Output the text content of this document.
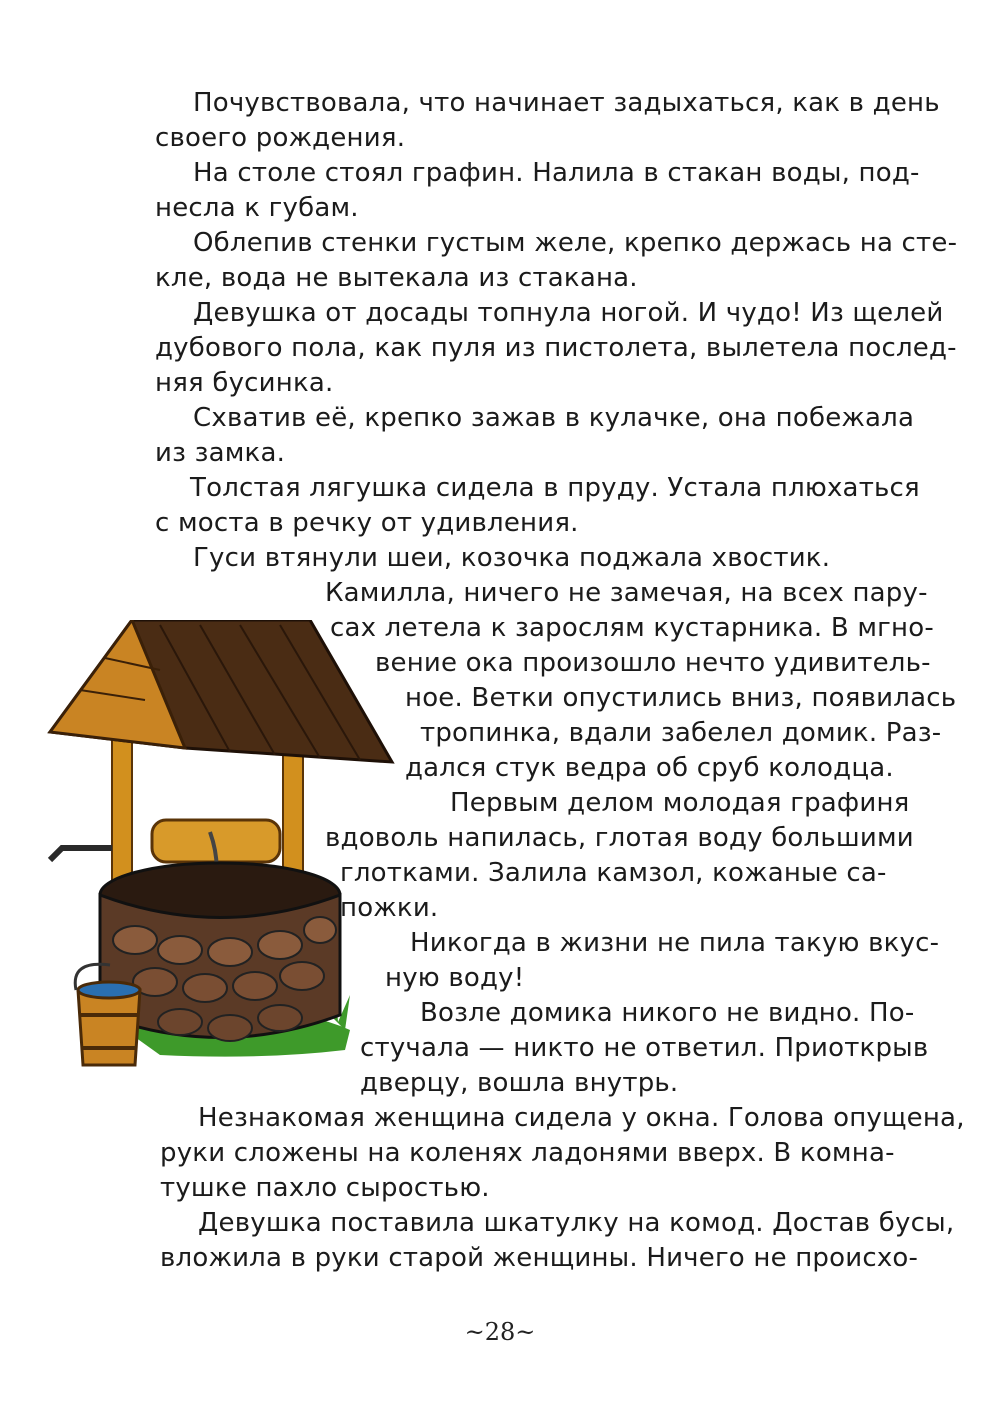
Почувствовала, что начинает задыхаться, как в день
своего рождения.
На столе стоял графин. Налила в стакан воды, под-
несла к губам.
Облепив стенки густым желе, крепко держась на сте-
кле, вода не вытекала из стакана.
Девушка от досады топнула ногой. И чудо! Из щелей
дубового пола, как пуля из пистолета, вылетела послед-
няя бусинка.
Схватив её, крепко зажав в кулачке, она побежала
из замка.
Толстая лягушка сидела в пруду. Устала плюхаться
с моста в речку от удивления.
Гуси втянули шеи, козочка поджала хвостик.
Камилла, ничего не замечая, на всех пару-
сах летела к зарослям кустарника. В мгно-
вение ока произошло нечто удивитель-
ное. Ветки опустились вниз, появилась
тропинка, вдали забелел домик. Раз-
дался стук ведра об сруб колодца.
Первым делом молодая графиня
вдоволь напилась, глотая воду большими
глотками. Залила камзол, кожаные са-
пожки.
Никогда в жизни не пила такую вкус-
ную воду!
Возле домика никого не видно. По-
стучала — никто не ответил. Приоткрыв
дверцу, вошла внутрь.
Незнакомая женщина сидела у окна. Голова опущена,
руки сложены на коленях ладонями вверх. В комна-
тушке пахло сыростью.
Девушка поставила шкатулку на комод. Достав бусы,
вложила в руки старой женщины. Ничего не происхо-
~28~
